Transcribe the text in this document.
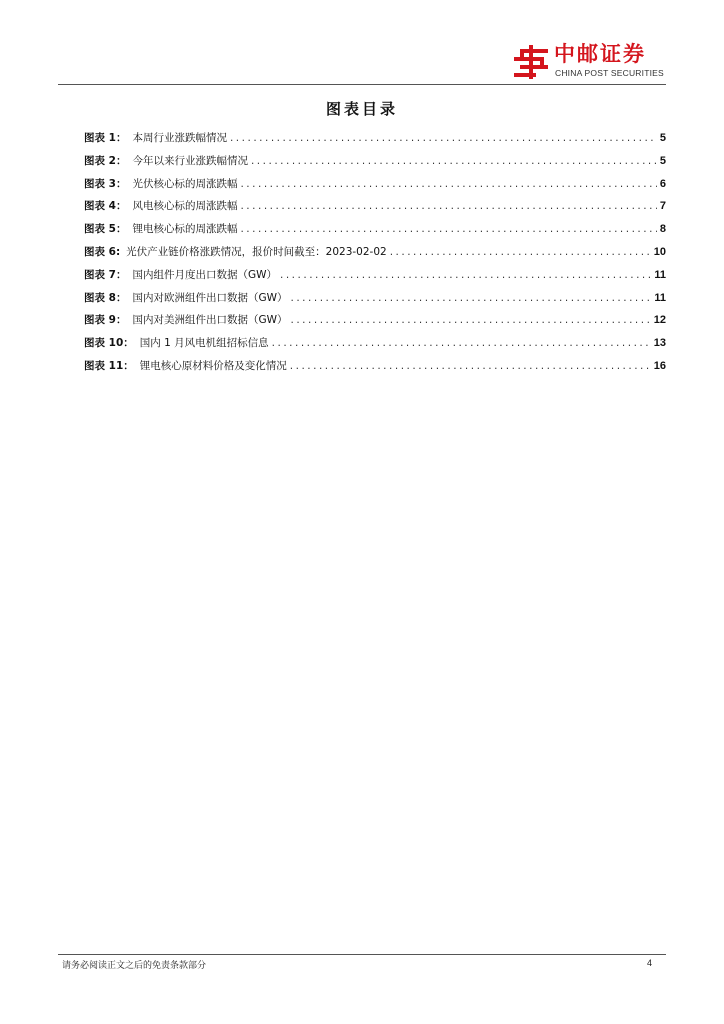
中邮证券
CHINA POST SECURITIES
图表目录
图表 1： 本周行业涨跌幅情况 .....	5
图表 2： 今年以来行业涨跌幅情况 .....	5
图表 3： 光伏核心标的周涨跌幅 .....	6
图表 4： 风电核心标的周涨跌幅 .....	7
图表 5： 锂电核心标的周涨跌幅 .....	8
图表 6: 光伏产业链价格涨跌情况，报价时间截至：2023-02-02 .....	10
图表 7： 国内组件月度出口数据（GW） .....	11
图表 8： 国内对欧洲组件出口数据（GW） .....	11
图表 9： 国内对美洲组件出口数据（GW） .....	12
图表 10： 国内 1 月风电机组招标信息 .....	13
图表 11： 锂电核心原材料价格及变化情况 .....	16
请务必阅读正文之后的免责条款部分	4
